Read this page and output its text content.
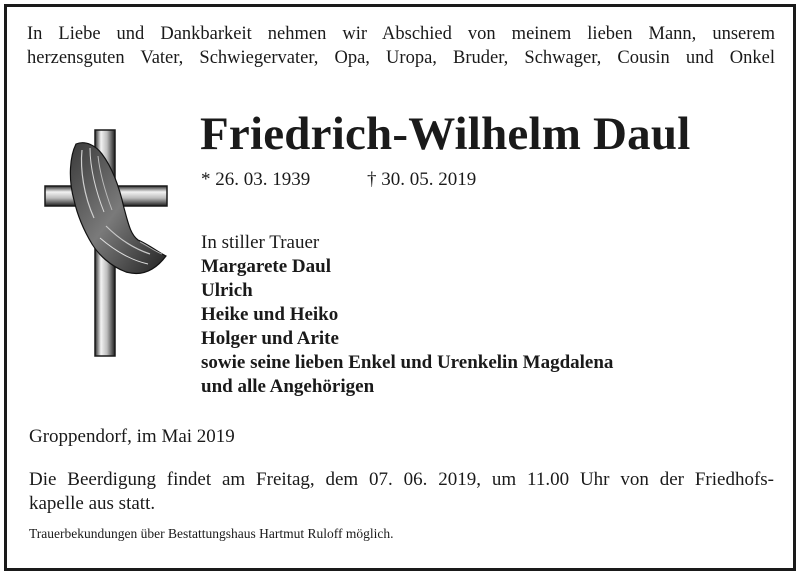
In Liebe und Dankbarkeit nehmen wir Abschied von meinem lieben Mann, unserem
herzensguten Vater, Schwiegervater, Opa, Uropa, Bruder, Schwager, Cousin und Onkel
Friedrich-Wilhelm Daul
* 26. 03. 1939	† 30. 05. 2019
In stiller Trauer
Margarete Daul
Ulrich
Heike und Heiko
Holger und Arite
sowie seine lieben Enkel und Urenkelin Magdalena
und alle Angehörigen
Groppendorf, im Mai 2019
Die Beerdigung findet am Freitag, dem 07. 06. 2019, um 11.00 Uhr von der Friedhofs-
kapelle aus statt.
Trauerbekundungen über Bestattungshaus Hartmut Ruloff möglich.
